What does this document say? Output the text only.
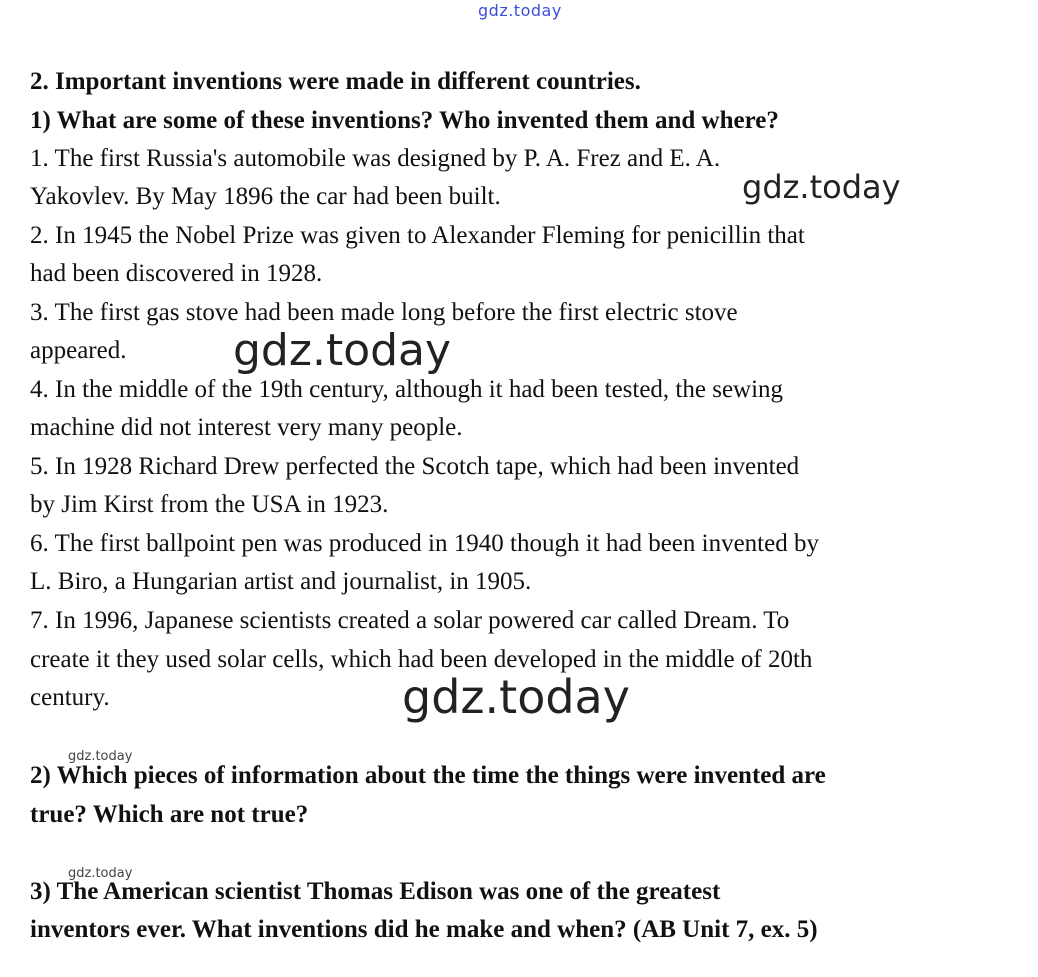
gdz.today
2. Important inventions were made in different countries.
1) What are some of these inventions? Who invented them and where?
1. The first Russia's automobile was designed by P. A. Frez and E. A.
Yakovlev. By May 1896 the car had been built.
2. In 1945 the Nobel Prize was given to Alexander Fleming for penicillin that
had been discovered in 1928.
3. The first gas stove had been made long before the first electric stove
appeared.
4. In the middle of the 19th century, although it had been tested, the sewing
machine did not interest very many people.
5. In 1928 Richard Drew perfected the Scotch tape, which had been invented
by Jim Kirst from the USA in 1923.
6. The first ballpoint pen was produced in 1940 though it had been invented by
L. Biro, a Hungarian artist and journalist, in 1905.
7. In 1996, Japanese scientists created a solar powered car called Dream. To
create it they used solar cells, which had been developed in the middle of 20th
century.
2) Which pieces of information about the time the things were invented are
true? Which are not true?
3) The American scientist Thomas Edison was one of the greatest
inventors ever. What inventions did he make and when? (AB Unit 7, ex. 5)
gdz.today
gdz.today
gdz.today
gdz.today
gdz.today
